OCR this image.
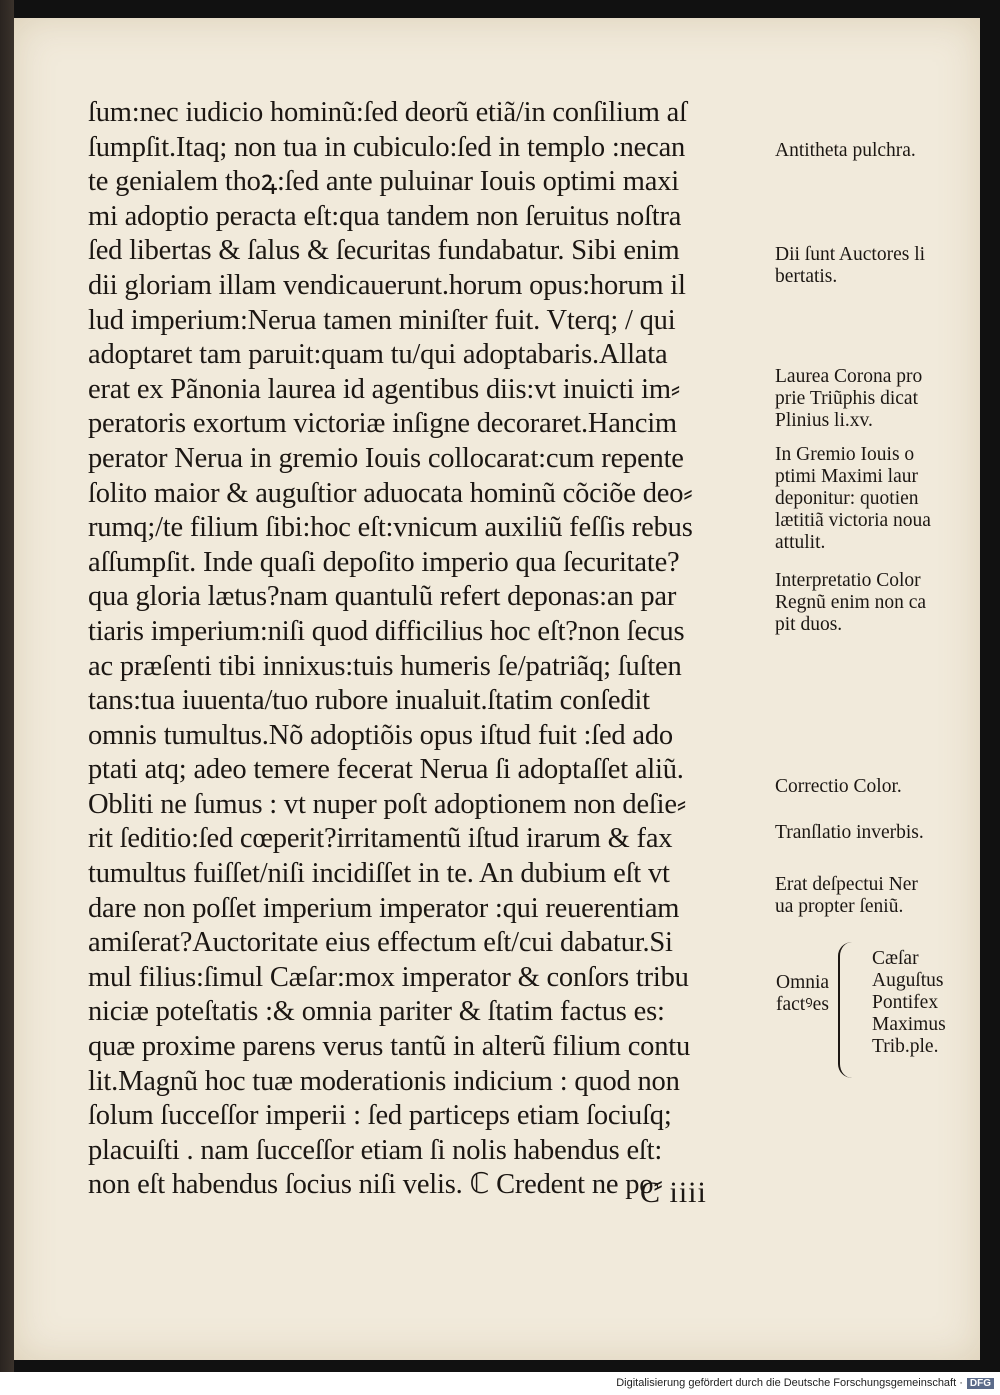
ſum:nec iudicio hominũ:ſed deorũ etiã/in conſilium aſ
ſumpſit.Itaq; non tua in cubiculo:ſed in templo :necan
te genialem thoꝝ:ſed ante puluinar Iouis optimi maxi
mi adoptio peracta eſt:qua tandem non ſeruitus noſtra
ſed libertas & ſalus & ſecuritas fundabatur. Sibi enim
dii gloriam illam vendicauerunt.horum opus:horum il
lud imperium:Nerua tamen miniſter fuit. Vterq; / qui
adoptaret tam paruit:quam tu/qui adoptabaris.Allata
erat ex Pãnonia laurea id agentibus diis:vt inuicti im⸗
peratoris exortum victoriæ inſigne decoraret.Hancim
perator Nerua in gremio Iouis collocarat:cum repente
ſolito maior & auguſtior aduocata hominũ cõciõe deo⸗
rumq;/te filium ſibi:hoc eſt:vnicum auxiliũ feſſis rebus
aſſumpſit. Inde quaſi depoſito imperio qua ſecuritate?
qua gloria lætus?nam quantulũ refert deponas:an par
tiaris imperium:niſi quod difficilius hoc eſt?non ſecus
ac præſenti tibi innixus:tuis humeris ſe/patriãq; ſuſten
tans:tua iuuenta/tuo rubore inualuit.ſtatim conſedit
omnis tumultus.Nõ adoptiõis opus iſtud fuit :ſed ado
ptati atq; adeo temere fecerat Nerua ſi adoptaſſet aliũ.
Obliti ne ſumus : vt nuper poſt adoptionem non deſie⸗
rit ſeditio:ſed cœperit?irritamentũ iſtud irarum & fax
tumultus fuiſſet/niſi incidiſſet in te. An dubium eſt vt
dare non poſſet imperium imperator :qui reuerentiam
amiſerat?Auctoritate eius effectum eſt/cui dabatur.Si
mul filius:ſimul Cæſar:mox imperator & conſors tribu
niciæ poteſtatis :& omnia pariter & ſtatim factus es:
quæ proxime parens verus tantũ in alterũ filium contu
lit.Magnũ hoc tuæ moderationis indicium : quod non
ſolum ſucceſſor imperii : ſed particeps etiam ſociuſq;
placuiſti . nam ſucceſſor etiam ſi nolis habendus eſt:
non eſt habendus ſocius niſi velis. ℂ Credent ne po⸗
C iiii
Antitheta pulchra.
Dii ſunt Auctores li
bertatis.
Laurea Corona pro
prie Triũphis dicat
Plinius li.xv.
In Gremio Iouis o
ptimi Maximi laur
deponitur: quotien
lætitiã victoria noua
attulit.
Interpretatio Color
Regnũ enim non ca
pit duos.
Correctio Color.
Tranſlatio inverbis.
Erat deſpectui Ner
ua propter ſeniũ.
Omnia
factꝰes
Cæſar
Auguſtus
Pontifex
Maximus
Trib.ple.
Digitalisierung gefördert durch die Deutsche Forschungsgemeinschaft · DFG
